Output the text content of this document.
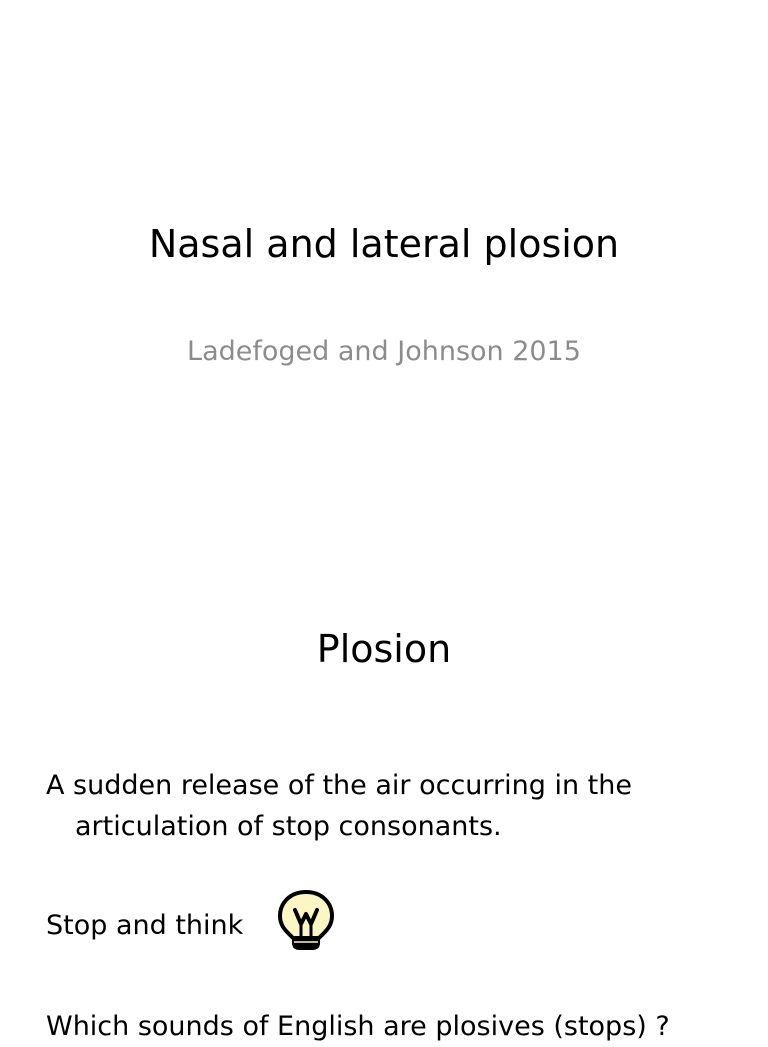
Nasal and lateral plosion
Ladefoged and Johnson 2015
Plosion
A sudden release of the air occurring in the
articulation of stop consonants.
Stop and think
Which sounds of English are plosives (stops) ?
